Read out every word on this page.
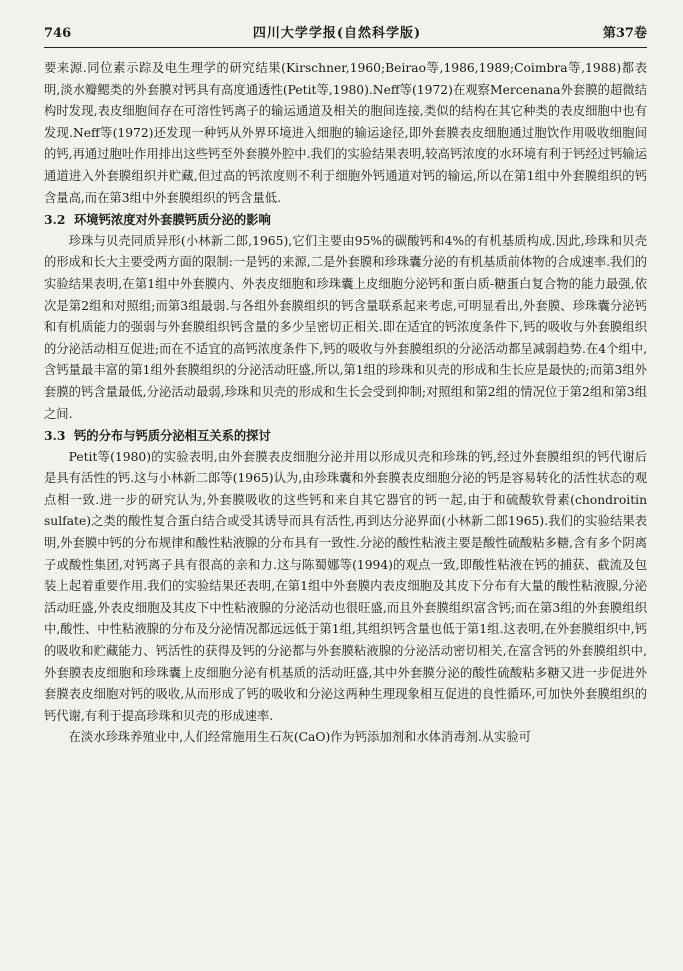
746	四川大学学报(自然科学版)	第37卷

要来源.同位素示踪及电生理学的研究结果(Kirschner,1960;Beirao等,1986,1989;Coimbra等,1988)都表明,淡水瓣鳃类的外套膜对钙具有高度通透性(Petit等,1980).Neff等(1972)在观察Mercenana外套膜的超微结构时发现,表皮细胞间存在可溶性钙离子的输运通道及相关的胞间连接,类似的结构在其它种类的表皮细胞中也有发现.Neff等(1972)还发现一种钙从外界环境进入细胞的输运途径,即外套膜表皮细胞通过胞饮作用吸收细胞间的钙,再通过胞吐作用排出这些钙至外套膜外腔中.我们的实验结果表明,较高钙浓度的水环境有利于钙经过钙输运通道进入外套膜组织并贮藏,但过高的钙浓度则不利于细胞外钙通道对钙的输运,所以在第1组中外套膜组织的钙含量高,而在第3组中外套膜组织的钙含量低.

3.2 环境钙浓度对外套膜钙质分泌的影响

珍珠与贝壳同质异形(小林新二郎,1965),它们主要由95%的碳酸钙和4%的有机基质构成.因此,珍珠和贝壳的形成和长大主要受两方面的限制:一是钙的来源,二是外套膜和珍珠囊分泌的有机基质前体物的合成速率.我们的实验结果表明,在第1组中外套膜内、外表皮细胞和珍珠囊上皮细胞分泌钙和蛋白质-糖蛋白复合物的能力最强,依次是第2组和对照组;而第3组最弱.与各组外套膜组织的钙含量联系起来考虑,可明显看出,外套膜、珍珠囊分泌钙和有机质能力的强弱与外套膜组织钙含量的多少呈密切正相关.即在适宜的钙浓度条件下,钙的吸收与外套膜组织的分泌活动相互促进;而在不适宜的高钙浓度条件下,钙的吸收与外套膜组织的分泌活动都呈减弱趋势.在4个组中,含钙量最丰富的第1组外套膜组织的分泌活动旺盛,所以,第1组的珍珠和贝壳的形成和生长应是最快的;而第3组外套膜的钙含量最低,分泌活动最弱,珍珠和贝壳的形成和生长会受到抑制;对照组和第2组的情况位于第2组和第3组之间.

3.3 钙的分布与钙质分泌相互关系的探讨

Petit等(1980)的实验表明,由外套膜表皮细胞分泌并用以形成贝壳和珍珠的钙,经过外套膜组织的钙代谢后是具有活性的钙.这与小林新二郎等(1965)认为,由珍珠囊和外套膜表皮细胞分泌的钙是容易转化的活性状态的观点相一致.进一步的研究认为,外套膜吸收的这些钙和来自其它器官的钙一起,由于和硫酸软骨素(chondroitin sulfate)之类的酸性复合蛋白结合或受其诱导而具有活性,再到达分泌界面(小林新二郎1965).我们的实验结果表明,外套膜中钙的分布规律和酸性粘液腺的分布具有一致性.分泌的酸性粘液主要是酸性硫酸粘多糖,含有多个阴离子或酸性集团,对钙离子具有很高的亲和力.这与陈蜀娜等(1994)的观点一致,即酸性粘液在钙的捕获、截流及包装上起着重要作用.我们的实验结果还表明,在第1组中外套膜内表皮细胞及其皮下分布有大量的酸性粘液腺,分泌活动旺盛,外表皮细胞及其皮下中性粘液腺的分泌活动也很旺盛,而且外套膜组织富含钙;而在第3组的外套膜组织中,酸性、中性粘液腺的分布及分泌情况都远远低于第1组,其组织钙含量也低于第1组.这表明,在外套膜组织中,钙的吸收和贮藏能力、钙活性的获得及钙的分泌都与外套膜粘液腺的分泌活动密切相关,在富含钙的外套膜组织中,外套膜表皮细胞和珍珠囊上皮细胞分泌有机基质的活动旺盛,其中外套膜分泌的酸性硫酸粘多糖又进一步促进外套膜表皮细胞对钙的吸收,从而形成了钙的吸收和分泌这两种生理现象相互促进的良性循环,可加快外套膜组织的钙代谢,有利于提高珍珠和贝壳的形成速率.

在淡水珍珠养殖业中,人们经常施用生石灰(CaO)作为钙添加剂和水体消毒剂.从实验可
